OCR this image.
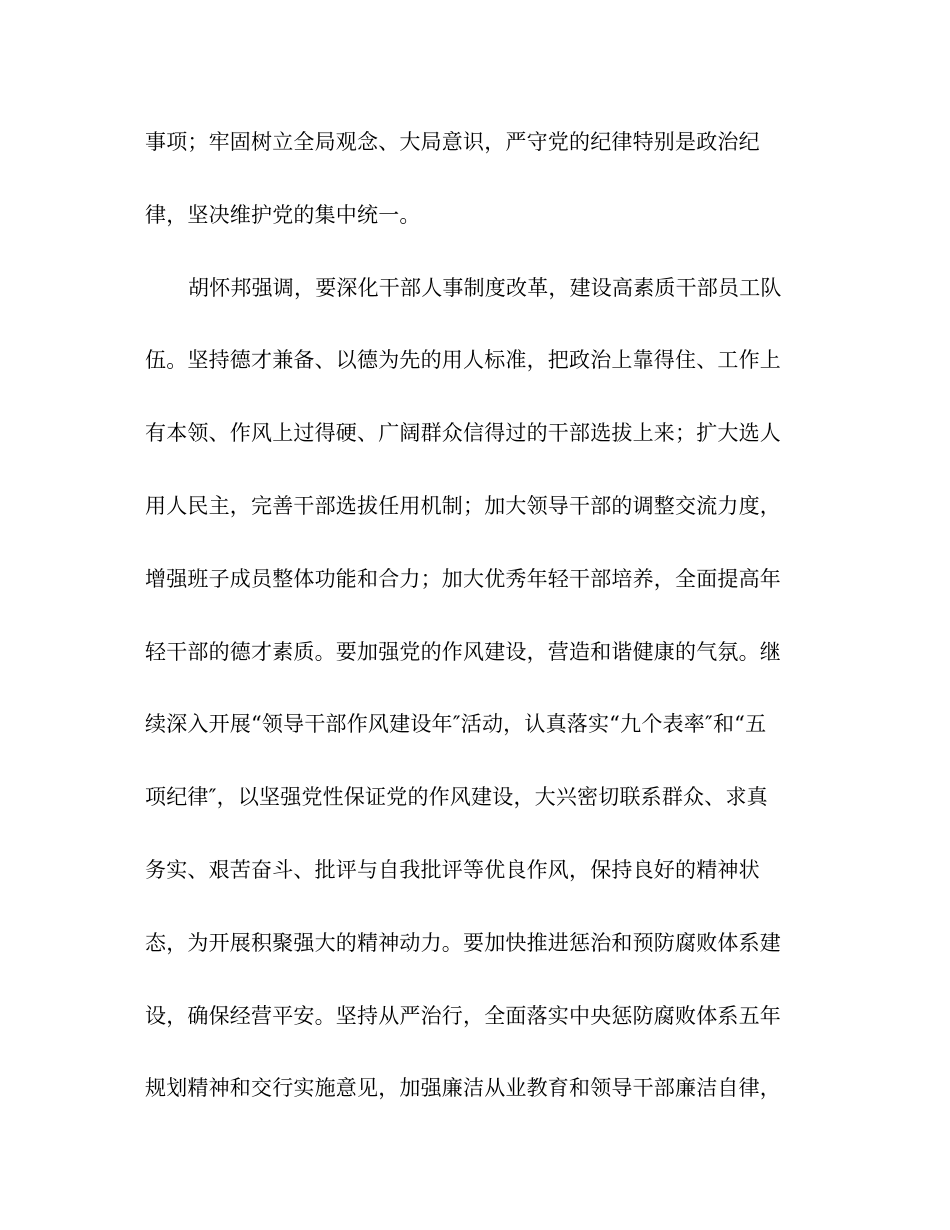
事项；牢固树立全局观念、大局意识，严守党的纪律特别是政治纪
律，坚决维护党的集中统一。
胡怀邦强调，要深化干部人事制度改革，建设高素质干部员工队
伍。坚持德才兼备、以德为先的用人标准，把政治上靠得住、工作上
有本领、作风上过得硬、广阔群众信得过的干部选拔上来；扩大选人
用人民主，完善干部选拔任用机制；加大领导干部的调整交流力度，
增强班子成员整体功能和合力；加大优秀年轻干部培养，全面提高年
轻干部的德才素质。要加强党的作风建设，营造和谐健康的气氛。继
续深入开展“领导干部作风建设年″活动，认真落实“九个表率″和“五
项纪律″，以坚强党性保证党的作风建设，大兴密切联系群众、求真
务实、艰苦奋斗、批评与自我批评等优良作风，保持良好的精神状
态，为开展积聚强大的精神动力。要加快推进惩治和预防腐败体系建
设，确保经营平安。坚持从严治行，全面落实中央惩防腐败体系五年
规划精神和交行实施意见，加强廉洁从业教育和领导干部廉洁自律，
